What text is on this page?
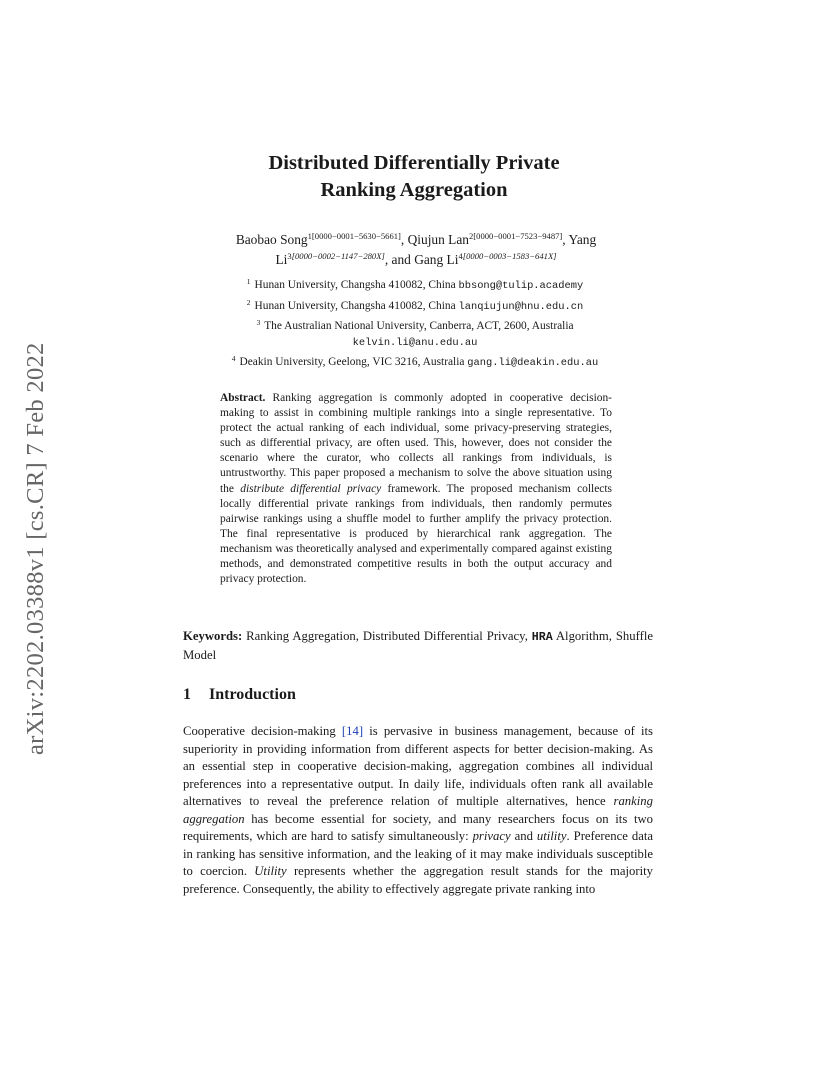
arXiv:2202.03388v1 [cs.CR] 7 Feb 2022
Distributed Differentially Private
Ranking Aggregation
Baobao Song$^{1[0000-0001-5630-5661]}$, Qiujun Lan$^{2[0000-0001-7523-9487]}$, Yang $Li^{3[0000-0002-1147-280X]}$, and Gang $Li^{4[0000-0003-1583-641X]}$
$^1$ Hunan University, Changsha 410082, China bbsong@tulip.academy
$^2$ Hunan University, Changsha 410082, China lanqiujun@hnu.edu.cn
$^3$ The Australian National University, Canberra, ACT, 2600, Australia
kelvin.li@anu.edu.au
$^4$ Deakin University, Geelong, VIC 3216, Australia gang.li@deakin.edu.au

Abstract. Ranking aggregation is commonly adopted in cooperative decision-making to assist in combining multiple rankings into a single representative. To protect the actual ranking of each individual, some privacy-preserving strategies, such as differential privacy, are often used. This, however, does not consider the scenario where the curator, who collects all rankings from individuals, is untrustworthy. This paper proposed a mechanism to solve the above situation using the distribute differential privacy framework. The proposed mechanism collects locally differential private rankings from individuals, then randomly permutes pairwise rankings using a shuffle model to further amplify the privacy protection. The final representative is produced by hierarchical rank aggregation. The mechanism was theoretically analysed and experimentally compared against existing methods, and demonstrated competitive results in both the output accuracy and privacy protection.

Keywords: Ranking Aggregation, Distributed Differential Privacy, HRA Algorithm, Shuffle Model
1 Introduction

Cooperative decision-making [14] is pervasive in business management, because of its superiority in providing information from different aspects for better decision-making. As an essential step in cooperative decision-making, aggregation combines all individual preferences into a representative output. In daily life, individuals often rank all available alternatives to reveal the preference relation of multiple alternatives, hence ranking aggregation has become essential for society, and many researchers focus on its two requirements, which are hard to satisfy simultaneously: privacy and utility. Preference data in ranking has sensitive information, and the leaking of it may make individuals susceptible to coercion. Utility represents whether the aggregation result stands for the majority preference. Consequently, the ability to effectively aggregate private ranking into
